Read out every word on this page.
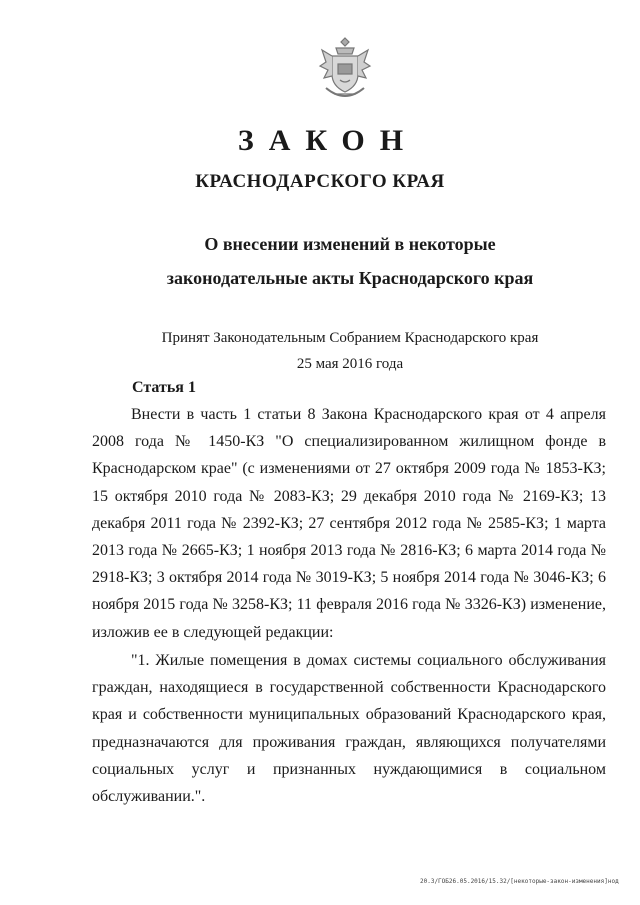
ЗАКОН
КРАСНОДАРСКОГО КРАЯ
О внесении изменений в некоторые
законодательные акты Краснодарского края
Принят Законодательным Собранием Краснодарского края
25 мая 2016 года
Статья 1

Внести в часть 1 статьи 8 Закона Краснодарского края от 4 апреля 2008 года № 1450-КЗ "О специализированном жилищном фонде в Краснодарском крае" (с изменениями от 27 октября 2009 года № 1853-КЗ; 15 октября 2010 года № 2083-КЗ; 29 декабря 2010 года № 2169-КЗ; 13 декабря 2011 года № 2392-КЗ; 27 сентября 2012 года № 2585-КЗ; 1 марта 2013 года № 2665-КЗ; 1 ноября 2013 года № 2816-КЗ; 6 марта 2014 года № 2918-КЗ; 3 октября 2014 года № 3019-КЗ; 5 ноября 2014 года № 3046-КЗ; 6 ноября 2015 года № 3258-КЗ; 11 февраля 2016 года № 3326-КЗ) изменение, изложив ее в следующей редакции:

"1. Жилые помещения в домах системы социального обслуживания граждан, находящиеся в государственной собственности Краснодарского края и собственности муниципальных образований Краснодарского края, предназначаются для проживания граждан, являющихся получателями социальных услуг и признанных нуждающимися в социальном обслуживании.".

20.3/ГОБ26.05.2016/15.32/[некоторые-закон-изменения]нод
